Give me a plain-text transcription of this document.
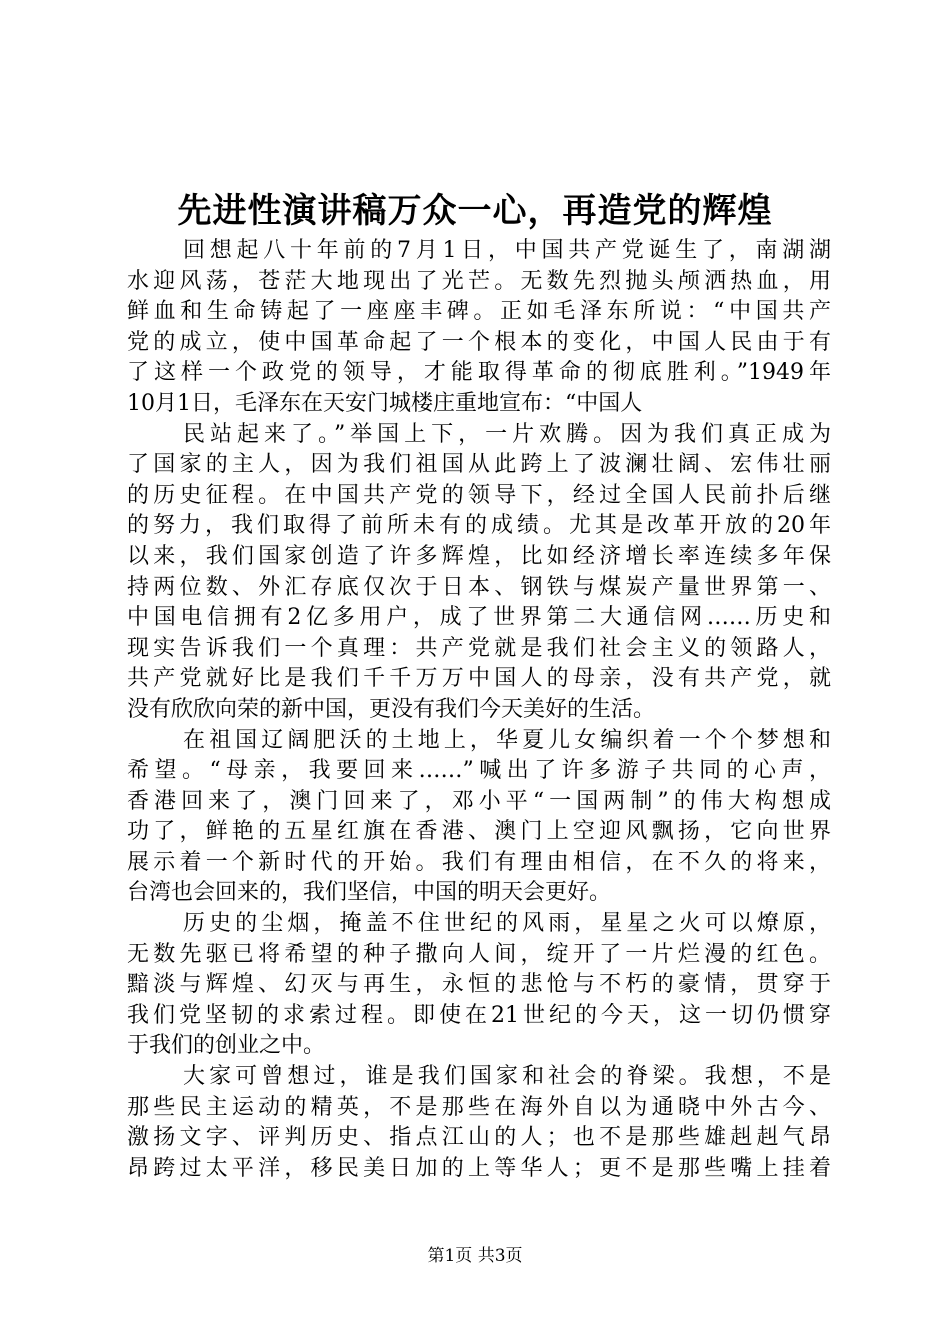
先进性演讲稿万众一心，再造党的辉煌
回想起八十年前的7月1日，中国共产党诞生了，南湖湖
水迎风荡，苍茫大地现出了光芒。无数先烈抛头颅洒热血，用
鲜血和生命铸起了一座座丰碑。正如毛泽东所说：“中国共产
党的成立，使中国革命起了一个根本的变化，中国人民由于有
了这样一个政党的领导，才能取得革命的彻底胜利。”1949年
10月1日，毛泽东在天安门城楼庄重地宣布：“中国人
民站起来了。”举国上下，一片欢腾。因为我们真正成为
了国家的主人，因为我们祖国从此跨上了波澜壮阔、宏伟壮丽
的历史征程。在中国共产党的领导下，经过全国人民前扑后继
的努力，我们取得了前所未有的成绩。尤其是改革开放的20年
以来，我们国家创造了许多辉煌，比如经济增长率连续多年保
持两位数、外汇存底仅次于日本、钢铁与煤炭产量世界第一、
中国电信拥有2亿多用户，成了世界第二大通信网……历史和
现实告诉我们一个真理：共产党就是我们社会主义的领路人，
共产党就好比是我们千千万万中国人的母亲，没有共产党，就
没有欣欣向荣的新中国，更没有我们今天美好的生活。
在祖国辽阔肥沃的土地上，华夏儿女编织着一个个梦想和
希望。“母亲，我要回来……”喊出了许多游子共同的心声，
香港回来了，澳门回来了，邓小平“一国两制”的伟大构想成
功了，鲜艳的五星红旗在香港、澳门上空迎风飘扬，它向世界
展示着一个新时代的开始。我们有理由相信，在不久的将来，
台湾也会回来的，我们坚信，中国的明天会更好。
历史的尘烟，掩盖不住世纪的风雨，星星之火可以燎原，
无数先驱已将希望的种子撒向人间，绽开了一片烂漫的红色。
黯淡与辉煌、幻灭与再生，永恒的悲怆与不朽的豪情，贯穿于
我们党坚韧的求索过程。即使在21世纪的今天，这一切仍惯穿
于我们的创业之中。
大家可曾想过，谁是我们国家和社会的脊梁。我想，不是
那些民主运动的精英，不是那些在海外自以为通晓中外古今、
激扬文字、评判历史、指点江山的人；也不是那些雄赳赳气昂
昂跨过太平洋，移民美日加的上等华人；更不是那些嘴上挂着
第1页 共3页
